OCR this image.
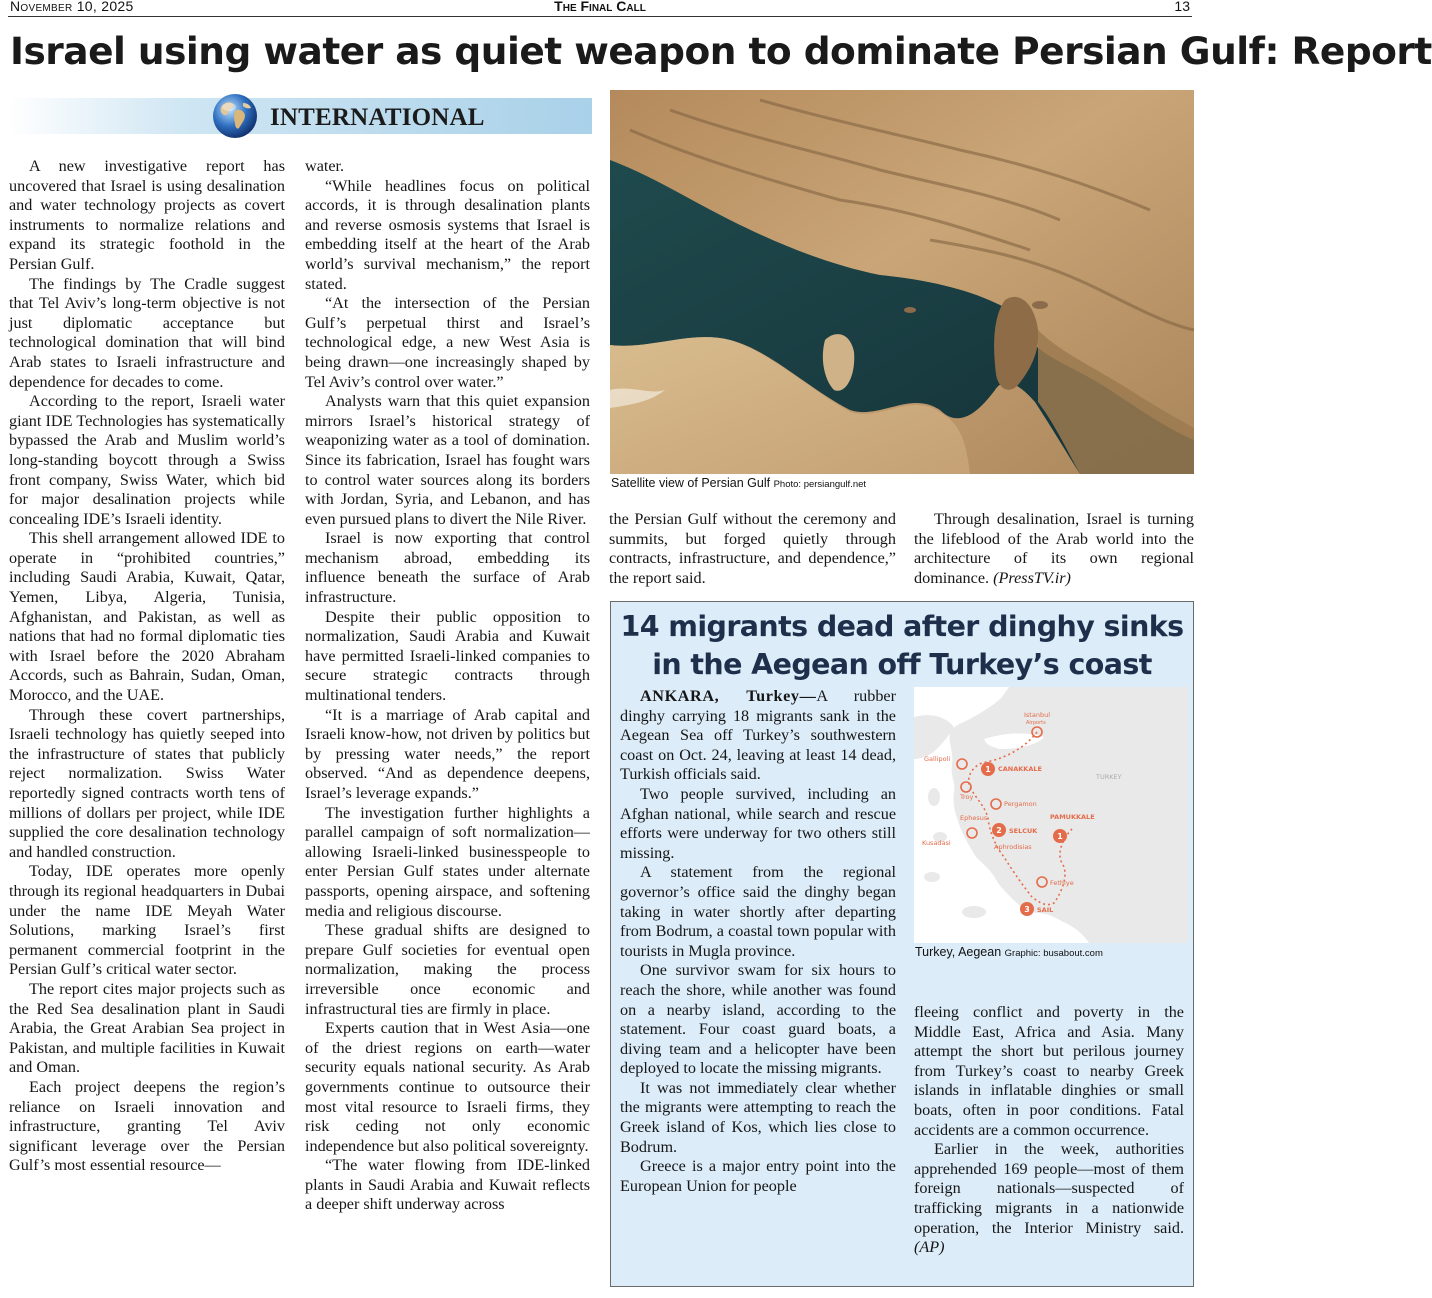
November 10, 2025	The Final Call	13
Israel using water as quiet weapon to dominate Persian Gulf: Report
INTERNATIONAL

A new investigative report has uncovered that Israel is using desalination and water technology projects as covert instruments to normalize relations and expand its strategic foothold in the Persian Gulf.

The findings by The Cradle suggest that Tel Aviv’s long-term objective is not just diplomatic acceptance but technological domination that will bind Arab states to Israeli infrastructure and dependence for decades to come.

According to the report, Israeli water giant IDE Technologies has systematically bypassed the Arab and Muslim world’s long-standing boycott through a Swiss front company, Swiss Water, which bid for major desalination projects while concealing IDE’s Israeli identity.

This shell arrangement allowed IDE to operate in “prohibited countries,” including Saudi Arabia, Kuwait, Qatar, Yemen, Libya, Algeria, Tunisia, Afghanistan, and Pakistan, as well as nations that had no formal diplomatic ties with Israel before the 2020 Abraham Accords, such as Bahrain, Sudan, Oman, Morocco, and the UAE.

Through these covert partnerships, Israeli technology has quietly seeped into the infrastructure of states that publicly reject normalization. Swiss Water reportedly signed contracts worth tens of millions of dollars per project, while IDE supplied the core desalination technology and handled construction.

Today, IDE operates more openly through its regional headquarters in Dubai under the name IDE Meyah Water Solutions, marking Israel’s first permanent commercial footprint in the Persian Gulf’s critical water sector.

The report cites major projects such as the Red Sea desalination plant in Saudi Arabia, the Great Arabian Sea project in Pakistan, and multiple facilities in Kuwait and Oman.

Each project deepens the region’s reliance on Israeli innovation and infrastructure, granting Tel Aviv significant leverage over the Persian Gulf’s most essential resource—

water.

“While headlines focus on political accords, it is through desalination plants and reverse osmosis systems that Israel is embedding itself at the heart of the Arab world’s survival mechanism,” the report stated.

“At the intersection of the Persian Gulf’s perpetual thirst and Israel’s technological edge, a new West Asia is being drawn—one increasingly shaped by Tel Aviv’s control over water.”

Analysts warn that this quiet expansion mirrors Israel’s historical strategy of weaponizing water as a tool of domination. Since its fabrication, Israel has fought wars to control water sources along its borders with Jordan, Syria, and Lebanon, and has even pursued plans to divert the Nile River.

Israel is now exporting that control mechanism abroad, embedding its influence beneath the surface of Arab infrastructure.

Despite their public opposition to normalization, Saudi Arabia and Kuwait have permitted Israeli-linked companies to secure strategic contracts through multinational tenders.

“It is a marriage of Arab capital and Israeli know-how, not driven by politics but by pressing water needs,” the report observed. “And as dependence deepens, Israel’s leverage expands.”

The investigation further highlights a parallel campaign of soft normalization—allowing Israeli-linked businesspeople to enter Persian Gulf states under alternate passports, opening airspace, and softening media and religious discourse.

These gradual shifts are designed to prepare Gulf societies for eventual open normalization, making the process irreversible once economic and infrastructural ties are firmly in place.

Experts caution that in West Asia—one of the driest regions on earth—water security equals national security. As Arab governments continue to outsource their most vital resource to Israeli firms, they risk ceding not only economic independence but also political sovereignty.

“The water flowing from IDE-linked plants in Saudi Arabia and Kuwait reflects a deeper shift underway across

Satellite view of Persian Gulf Photo: persiangulf.net
the Persian Gulf without the ceremony and summits, but forged quietly through contracts, infrastructure, and dependence,” the report said.

Through desalination, Israel is turning the lifeblood of the Arab world into the architecture of its own regional dominance. (PressTV.ir)

14 migrants dead after dinghy sinks
in the Aegean off Turkey’s coast

ANKARA, Turkey—A rubber dinghy carrying 18 migrants sank in the Aegean Sea off Turkey’s southwestern coast on Oct. 24, leaving at least 14 dead, Turkish officials said.

Two people survived, including an Afghan national, while search and rescue efforts were underway for two others still missing.

A statement from the regional governor’s office said the dinghy began taking in water shortly after departing from Bodrum, a coastal town popular with tourists in Mugla province.

One survivor swam for six hours to reach the shore, while another was found on a nearby island, according to the statement. Four coast guard boats, a diving team and a helicopter have been deployed to locate the missing migrants.

It was not immediately clear whether the migrants were attempting to reach the Greek island of Kos, which lies close to Bodrum.

Greece is a major entry point into the European Union for people

1
2
1
3
Istanbul
Airports
Gallipoli
CANAKKALE
Troy
Pergamon
Ephesus
SELCUK
Kusadasi	Aphrodisias
PAMUKKALE
Fethiye
SAIL
TURKEY
Turkey, Aegean Graphic: busabout.com
fleeing conflict and poverty in the Middle East, Africa and Asia. Many attempt the short but perilous journey from Turkey’s coast to nearby Greek islands in inflatable dinghies or small boats, often in poor conditions. Fatal accidents are a common occurrence.

Earlier in the week, authorities apprehended 169 people—most of them foreign nationals—suspected of trafficking migrants in a nationwide operation, the Interior Ministry said. (AP)
